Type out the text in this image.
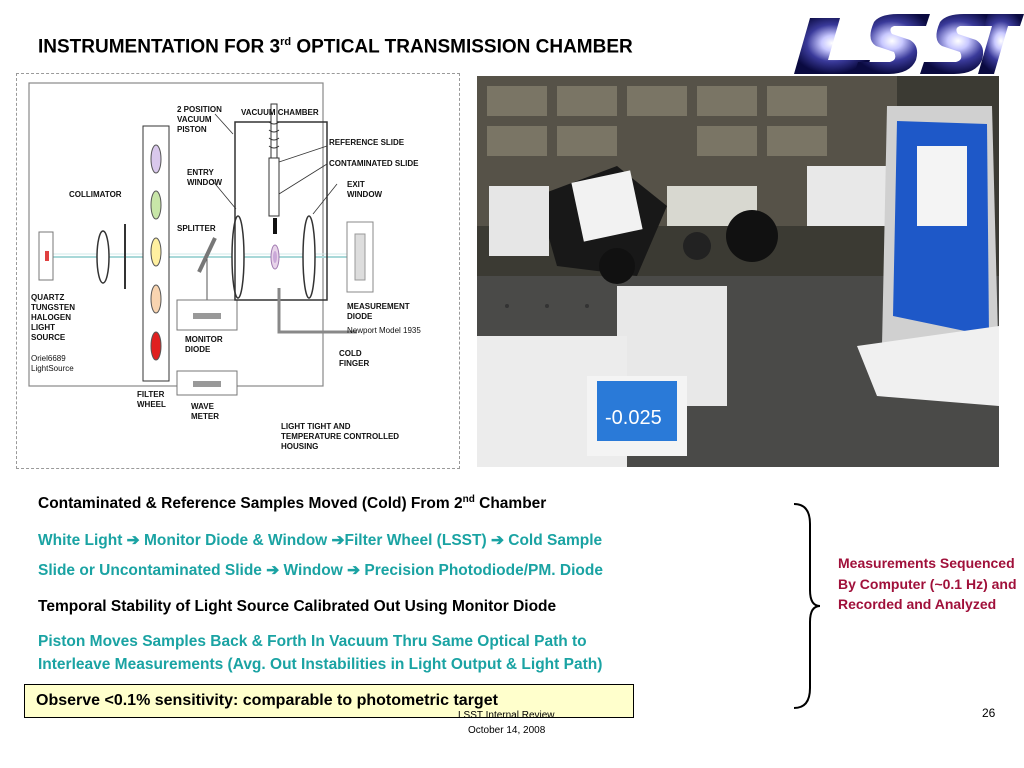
INSTRUMENTATION FOR 3rd OPTICAL TRANSMISSION CHAMBER
2 POSITION
VACUUM
PISTON
VACUUM CHAMBER
REFERENCE SLIDE
CONTAMINATED SLIDE
ENTRY
WINDOW	EXIT
WINDOW
COLLIMATOR
SPLITTER
QUARTZ
TUNGSTEN
HALOGEN
LIGHT
SOURCE
Oriel6689
LightSource
MONITOR
DIODE
MEASUREMENT
DIODE
Newport Model 1935
COLD
FINGER
FILTER
WHEEL	WAVE
METER
LIGHT TIGHT AND
TEMPERATURE CONTROLLED
HOUSING
-0.025
Contaminated & Reference Samples Moved (Cold) From 2nd Chamber
White Light ➔ Monitor Diode & Window ➔Filter Wheel (LSST) ➔ Cold Sample
Slide or Uncontaminated Slide ➔ Window ➔ Precision Photodiode/PM. Diode
Temporal Stability of Light Source Calibrated Out Using Monitor Diode
Piston Moves Samples Back & Forth In Vacuum Thru Same Optical Path to
Interleave Measurements (Avg. Out Instabilities in Light Output & Light Path)
Observe <0.1% sensitivity: comparable to photometric target
Measurements Sequenced By Computer (~0.1 Hz) and Recorded and Analyzed
LSST Internal Review
October 14, 2008
26
